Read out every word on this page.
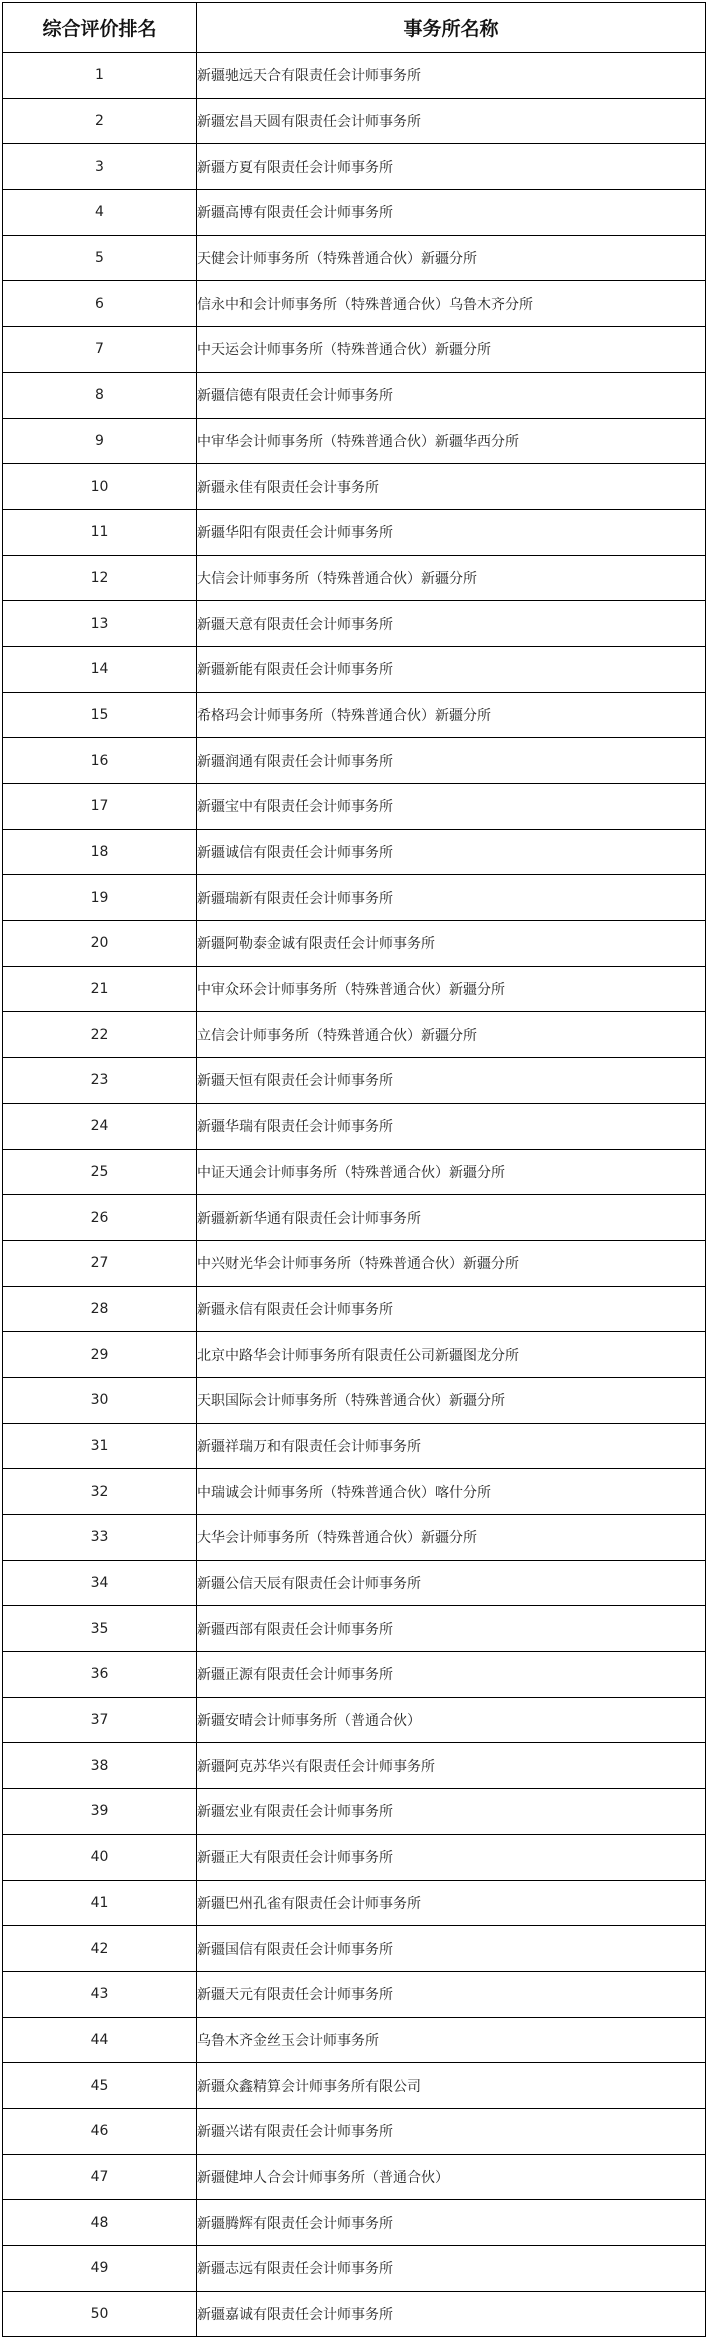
综合评价排名	事务所名称
1	新疆驰远天合有限责任会计师事务所
2	新疆宏昌天圆有限责任会计师事务所
3	新疆方夏有限责任会计师事务所
4	新疆高博有限责任会计师事务所
5	天健会计师事务所（特殊普通合伙）新疆分所
6	信永中和会计师事务所（特殊普通合伙）乌鲁木齐分所
7	中天运会计师事务所（特殊普通合伙）新疆分所
8	新疆信德有限责任会计师事务所
9	中审华会计师事务所（特殊普通合伙）新疆华西分所
10	新疆永佳有限责任会计事务所
11	新疆华阳有限责任会计师事务所
12	大信会计师事务所（特殊普通合伙）新疆分所
13	新疆天意有限责任会计师事务所
14	新疆新能有限责任会计师事务所
15	希格玛会计师事务所（特殊普通合伙）新疆分所
16	新疆润通有限责任会计师事务所
17	新疆宝中有限责任会计师事务所
18	新疆诚信有限责任会计师事务所
19	新疆瑞新有限责任会计师事务所
20	新疆阿勒泰金诚有限责任会计师事务所
21	中审众环会计师事务所（特殊普通合伙）新疆分所
22	立信会计师事务所（特殊普通合伙）新疆分所
23	新疆天恒有限责任会计师事务所
24	新疆华瑞有限责任会计师事务所
25	中证天通会计师事务所（特殊普通合伙）新疆分所
26	新疆新新华通有限责任会计师事务所
27	中兴财光华会计师事务所（特殊普通合伙）新疆分所
28	新疆永信有限责任会计师事务所
29	北京中路华会计师事务所有限责任公司新疆图龙分所
30	天职国际会计师事务所（特殊普通合伙）新疆分所
31	新疆祥瑞万和有限责任会计师事务所
32	中瑞诚会计师事务所（特殊普通合伙）喀什分所
33	大华会计师事务所（特殊普通合伙）新疆分所
34	新疆公信天辰有限责任会计师事务所
35	新疆西部有限责任会计师事务所
36	新疆正源有限责任会计师事务所
37	新疆安晴会计师事务所（普通合伙）
38	新疆阿克苏华兴有限责任会计师事务所
39	新疆宏业有限责任会计师事务所
40	新疆正大有限责任会计师事务所
41	新疆巴州孔雀有限责任会计师事务所
42	新疆国信有限责任会计师事务所
43	新疆天元有限责任会计师事务所
44	乌鲁木齐金丝玉会计师事务所
45	新疆众鑫精算会计师事务所有限公司
46	新疆兴诺有限责任会计师事务所
47	新疆健坤人合会计师事务所（普通合伙）
48	新疆腾辉有限责任会计师事务所
49	新疆志远有限责任会计师事务所
50	新疆嘉诚有限责任会计师事务所
